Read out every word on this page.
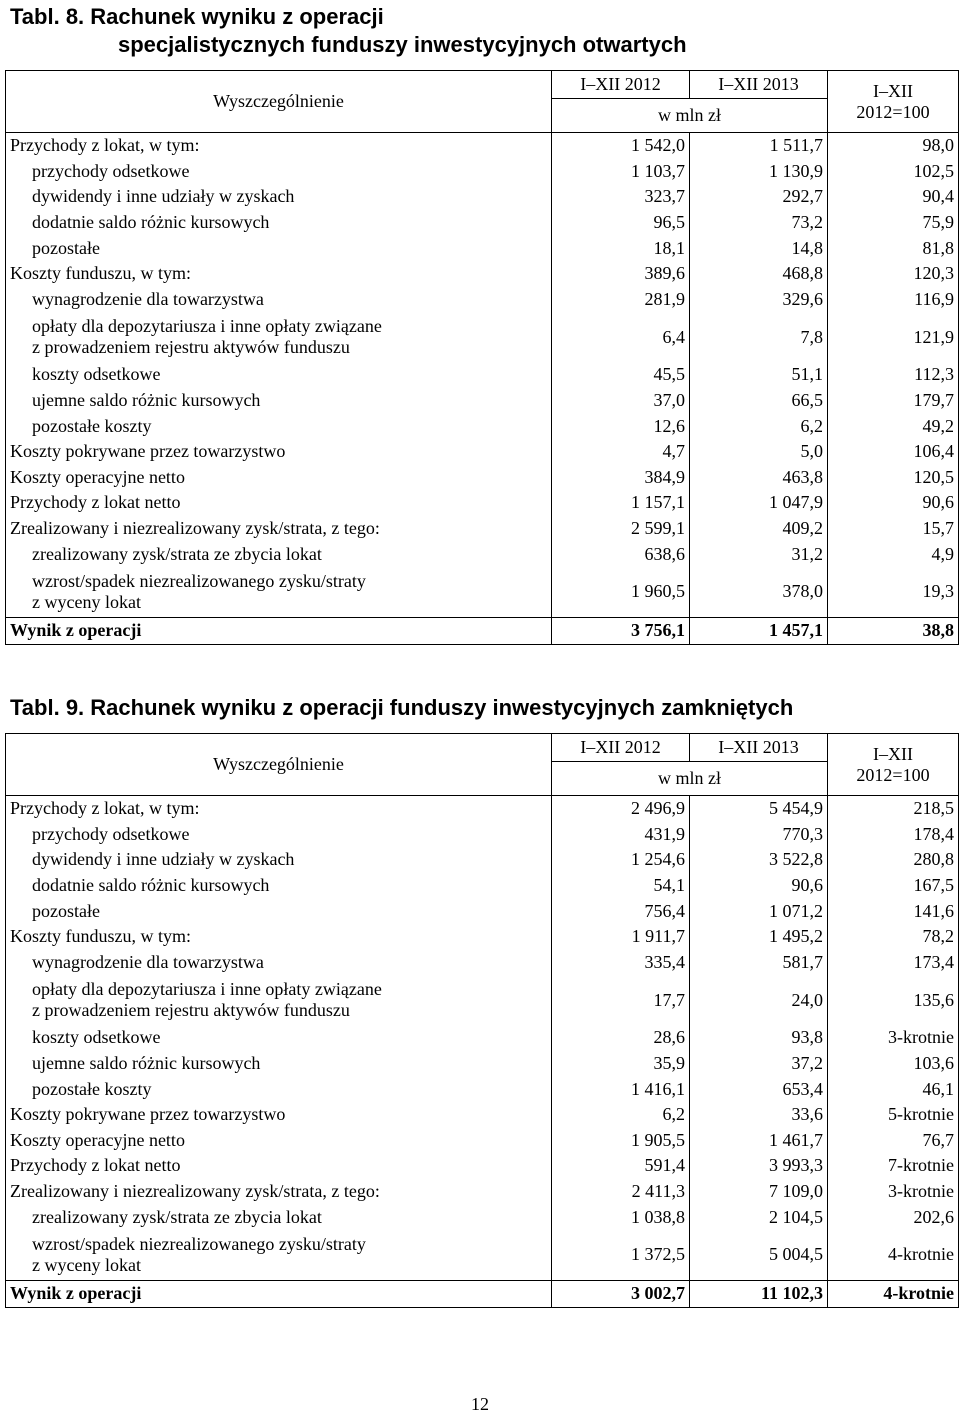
Tabl. 8. Rachunek wyniku z operacji
specjalistycznych funduszy inwestycyjnych otwartych
Wyszczególnienie	I–XII 2012	I–XII 2013	I–XII
2012=100

	w mln zł		

Przychody z lokat, w tym:	1 542,0	1 511,7	98,0

przychody odsetkowe	1 103,7	1 130,9	102,5

dywidendy i inne udziały w zyskach	323,7	292,7	90,4

dodatnie saldo różnic kursowych	96,5	73,2	75,9

pozostałe	18,1	14,8	81,8

Koszty funduszu, w tym:	389,6	468,8	120,3

wynagrodzenie dla towarzystwa	281,9	329,6	116,9

opłaty dla depozytariusza i inne opłaty związane
z prowadzeniem rejestru aktywów funduszu	6,4	7,8	121,9

koszty odsetkowe	45,5	51,1	112,3

ujemne saldo różnic kursowych	37,0	66,5	179,7

pozostałe koszty	12,6	6,2	49,2

Koszty pokrywane przez towarzystwo	4,7	5,0	106,4

Koszty operacyjne netto	384,9	463,8	120,5

Przychody z lokat netto	1 157,1	1 047,9	90,6

Zrealizowany i niezrealizowany zysk/strata, z tego:	2 599,1	409,2	15,7

zrealizowany zysk/strata ze zbycia lokat	638,6	31,2	4,9

wzrost/spadek niezrealizowanego zysku/straty
z wyceny lokat	1 960,5	378,0	19,3

Wynik z operacji	3 756,1	1 457,1	38,8
Tabl. 9. Rachunek wyniku z operacji funduszy inwestycyjnych zamkniętych
Wyszczególnienie	I–XII 2012	I–XII 2013	I–XII
2012=100

	w mln zł		

Przychody z lokat, w tym:	2 496,9	5 454,9	218,5

przychody odsetkowe	431,9	770,3	178,4

dywidendy i inne udziały w zyskach	1 254,6	3 522,8	280,8

dodatnie saldo różnic kursowych	54,1	90,6	167,5

pozostałe	756,4	1 071,2	141,6

Koszty funduszu, w tym:	1 911,7	1 495,2	78,2

wynagrodzenie dla towarzystwa	335,4	581,7	173,4

opłaty dla depozytariusza i inne opłaty związane
z prowadzeniem rejestru aktywów funduszu	17,7	24,0	135,6

koszty odsetkowe	28,6	93,8	3-krotnie

ujemne saldo różnic kursowych	35,9	37,2	103,6

pozostałe koszty	1 416,1	653,4	46,1

Koszty pokrywane przez towarzystwo	6,2	33,6	5-krotnie

Koszty operacyjne netto	1 905,5	1 461,7	76,7

Przychody z lokat netto	591,4	3 993,3	7-krotnie

Zrealizowany i niezrealizowany zysk/strata, z tego:	2 411,3	7 109,0	3-krotnie

zrealizowany zysk/strata ze zbycia lokat	1 038,8	2 104,5	202,6

wzrost/spadek niezrealizowanego zysku/straty
z wyceny lokat	1 372,5	5 004,5	4-krotnie

Wynik z operacji	3 002,7	11 102,3	4-krotnie
12
